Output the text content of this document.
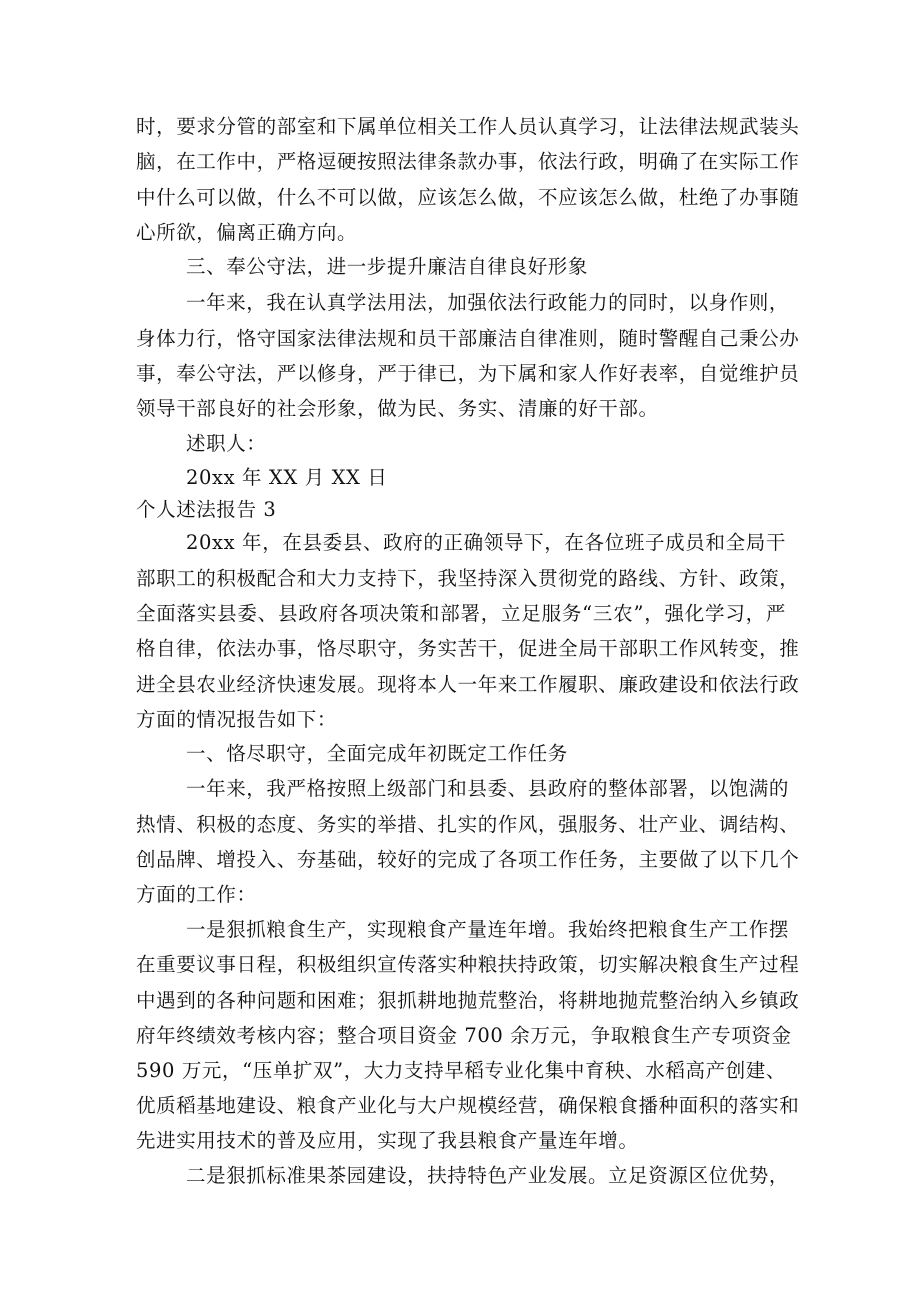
时，要求分管的部室和下属单位相关工作人员认真学习，让法律法规武装头
脑，在工作中，严格逗硬按照法律条款办事，依法行政，明确了在实际工作
中什么可以做，什么不可以做，应该怎么做，不应该怎么做，杜绝了办事随
心所欲，偏离正确方向。
三、奉公守法，进一步提升廉洁自律良好形象
一年来，我在认真学法用法，加强依法行政能力的同时，以身作则，
身体力行，恪守国家法律法规和员干部廉洁自律准则，随时警醒自己秉公办
事，奉公守法，严以修身，严于律已，为下属和家人作好表率，自觉维护员
领导干部良好的社会形象，做为民、务实、清廉的好干部。
述职人：
20xx 年 XX 月 XX 日
个人述法报告 3
20xx 年，在县委县、政府的正确领导下，在各位班子成员和全局干
部职工的积极配合和大力支持下，我坚持深入贯彻党的路线、方针、政策，
全面落实县委、县政府各项决策和部署，立足服务“三农”，强化学习，严
格自律，依法办事，恪尽职守，务实苦干，促进全局干部职工作风转变，推
进全县农业经济快速发展。现将本人一年来工作履职、廉政建设和依法行政
方面的情况报告如下：
一、恪尽职守，全面完成年初既定工作任务
一年来，我严格按照上级部门和县委、县政府的整体部署，以饱满的
热情、积极的态度、务实的举措、扎实的作风，强服务、壮产业、调结构、
创品牌、增投入、夯基础，较好的完成了各项工作任务，主要做了以下几个
方面的工作：
一是狠抓粮食生产，实现粮食产量连年增。我始终把粮食生产工作摆
在重要议事日程，积极组织宣传落实种粮扶持政策，切实解决粮食生产过程
中遇到的各种问题和困难；狠抓耕地抛荒整治，将耕地抛荒整治纳入乡镇政
府年终绩效考核内容；整合项目资金 700 余万元，争取粮食生产专项资金
590 万元，“压单扩双”，大力支持早稻专业化集中育秧、水稻高产创建、
优质稻基地建设、粮食产业化与大户规模经营，确保粮食播种面积的落实和
先进实用技术的普及应用，实现了我县粮食产量连年增。
二是狠抓标准果茶园建设，扶持特色产业发展。立足资源区位优势，
